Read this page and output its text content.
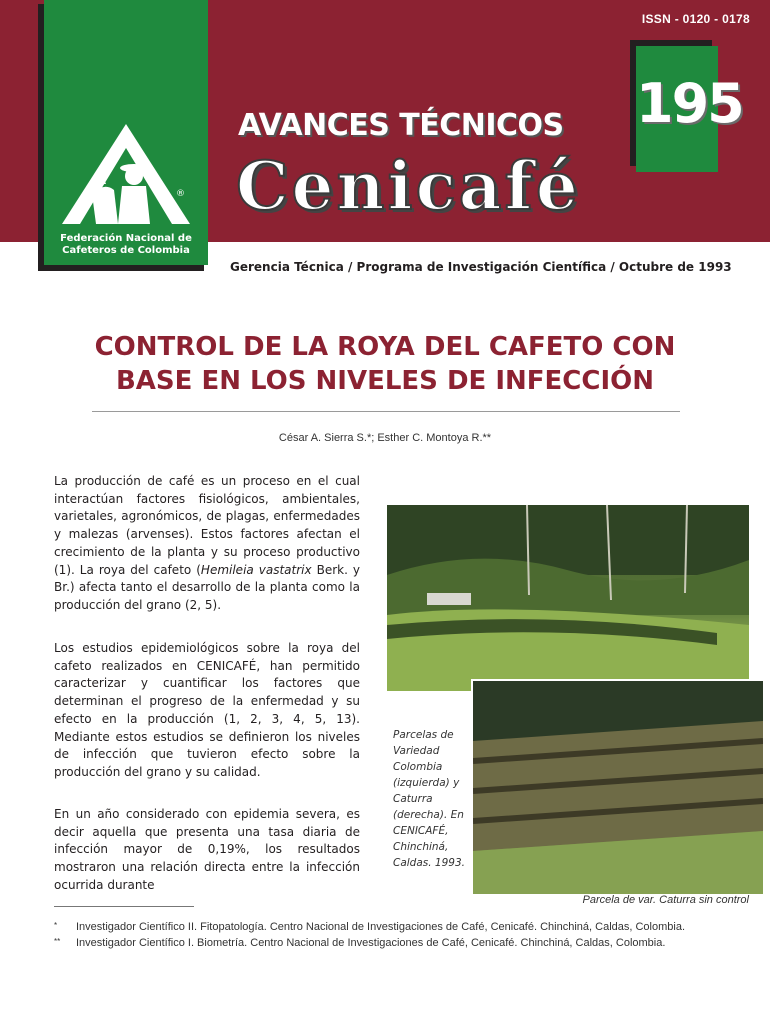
®
Federación Nacional de
Cafeteros de Colombia
ISSN - 0120 - 0178
195
AVANCES TÉCNICOS
Cenicafé
Gerencia Técnica / Programa de Investigación Científica / Octubre de 1993
CONTROL DE LA ROYA DEL CAFETO CON
BASE EN LOS NIVELES DE INFECCIÓN
César A. Sierra S.*; Esther C. Montoya R.**

La producción de café es un proceso en el cual interactúan factores fisiológicos, ambientales, varietales, agronómicos, de plagas, enfermedades y malezas (arvenses). Estos factores afectan el crecimiento de la planta y su proceso productivo (1). La roya del cafeto (Hemileia vastatrix Berk. y Br.) afecta tanto el desarrollo de la planta como la producción del grano (2, 5).

Los estudios epidemiológicos sobre la roya del cafeto realizados en CENICAFÉ, han permitido caracterizar y cuantificar los factores que determinan el progreso de la enfermedad y su efecto en la producción (1, 2, 3, 4, 5, 13). Mediante estos estudios se definieron los niveles de infección que tuvieron efecto sobre la producción del grano y su calidad.

En un año considerado con epidemia severa, es decir aquella que presenta una tasa diaria de infección mayor de 0,19%, los resultados mostraron una relación directa entre la infección ocurrida durante

Parcelas de Variedad Colombia (izquierda) y Caturra (derecha). En CENICAFÉ, Chinchiná, Caldas. 1993.
Parcela de var. Caturra sin control
* Investigador Científico II. Fitopatología. Centro Nacional de Investigaciones de Café, Cenicafé. Chinchiná, Caldas, Colombia.
** Investigador Científico I. Biometría. Centro Nacional de Investigaciones de Café, Cenicafé. Chinchiná, Caldas, Colombia.
